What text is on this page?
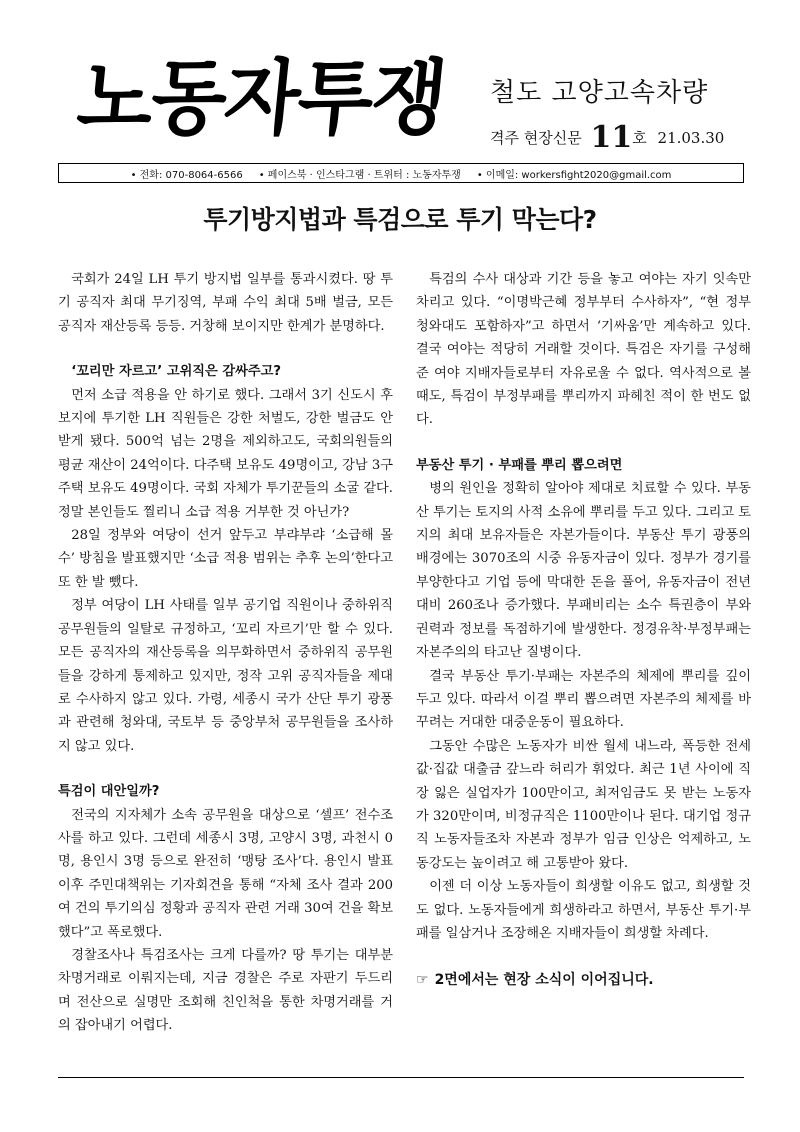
노동자투쟁 철도 고양고속차량
격주 현장신문 11호 21.03.30
• 전화: 070-8064-6566 • 페이스북 · 인스타그램 · 트위터 : 노동자투쟁 • 이메일: workersfight2020@gmail.com
투기방지법과 특검으로 투기 막는다?

국회가 24일 LH 투기 방지법 일부를 통과시켰다. 땅 투기 공직자 최대 무기징역, 부패 수익 최대 5배 벌금, 모든 공직자 재산등록 등등. 거창해 보이지만 한계가 분명하다.

‘꼬리만 자르고’ 고위직은 감싸주고?

먼저 소급 적용을 안 하기로 했다. 그래서 3기 신도시 후보지에 투기한 LH 직원들은 강한 처벌도, 강한 벌금도 안 받게 됐다. 500억 넘는 2명을 제외하고도, 국회의원들의 평균 재산이 24억이다. 다주택 보유도 49명이고, 강남 3구 주택 보유도 49명이다. 국회 자체가 투기꾼들의 소굴 같다. 정말 본인들도 찔리니 소급 적용 거부한 것 아닌가?

28일 정부와 여당이 선거 앞두고 부랴부랴 ‘소급해 몰수’ 방침을 발표했지만 ‘소급 적용 범위는 추후 논의’한다고 또 한 발 뺐다.

정부 여당이 LH 사태를 일부 공기업 직원이나 중하위직 공무원들의 일탈로 규정하고, ‘꼬리 자르기’만 할 수 있다. 모든 공직자의 재산등록을 의무화하면서 중하위직 공무원들을 강하게 통제하고 있지만, 정작 고위 공직자들을 제대로 수사하지 않고 있다. 가령, 세종시 국가 산단 투기 광풍과 관련해 청와대, 국토부 등 중앙부처 공무원들을 조사하지 않고 있다.

특검이 대안일까?

전국의 지자체가 소속 공무원을 대상으로 ‘셀프’ 전수조사를 하고 있다. 그런데 세종시 3명, 고양시 3명, 과천시 0명, 용인시 3명 등으로 완전히 ‘맹탕 조사’다. 용인시 발표 이후 주민대책위는 기자회견을 통해 “자체 조사 결과 200여 건의 투기의심 정황과 공직자 관련 거래 30여 건을 확보했다”고 폭로했다.

경찰조사나 특검조사는 크게 다를까? 땅 투기는 대부분 차명거래로 이뤄지는데, 지금 경찰은 주로 자판기 두드리며 전산으로 실명만 조회해 친인척을 통한 차명거래를 거의 잡아내기 어렵다.

특검의 수사 대상과 기간 등을 놓고 여야는 자기 잇속만 차리고 있다. “이명박근혜 정부부터 수사하자”, “현 정부 청와대도 포함하자”고 하면서 ‘기싸움’만 계속하고 있다. 결국 여야는 적당히 거래할 것이다. 특검은 자기를 구성해준 여야 지배자들로부터 자유로울 수 없다. 역사적으로 볼 때도, 특검이 부정부패를 뿌리까지 파헤친 적이 한 번도 없다.

부동산 투기 · 부패를 뿌리 뽑으려면

병의 원인을 정확히 알아야 제대로 치료할 수 있다. 부동산 투기는 토지의 사적 소유에 뿌리를 두고 있다. 그리고 토지의 최대 보유자들은 자본가들이다. 부동산 투기 광풍의 배경에는 3070조의 시중 유동자금이 있다. 정부가 경기를 부양한다고 기업 등에 막대한 돈을 풀어, 유동자금이 전년 대비 260조나 증가했다. 부패비리는 소수 특권층이 부와 권력과 정보를 독점하기에 발생한다. 정경유착·부정부패는 자본주의의 타고난 질병이다.

결국 부동산 투기·부패는 자본주의 체제에 뿌리를 깊이 두고 있다. 따라서 이걸 뿌리 뽑으려면 자본주의 체제를 바꾸려는 거대한 대중운동이 필요하다.

그동안 수많은 노동자가 비싼 월세 내느라, 폭등한 전세값·집값 대출금 갚느라 허리가 휘었다. 최근 1년 사이에 직장 잃은 실업자가 100만이고, 최저임금도 못 받는 노동자가 320만이며, 비정규직은 1100만이나 된다. 대기업 정규직 노동자들조차 자본과 정부가 임금 인상은 억제하고, 노동강도는 높이려고 해 고통받아 왔다.

이젠 더 이상 노동자들이 희생할 이유도 없고, 희생할 것도 없다. 노동자들에게 희생하라고 하면서, 부동산 투기·부패를 일삼거나 조장해온 지배자들이 희생할 차례다.

☞ 2면에서는 현장 소식이 이어집니다.
